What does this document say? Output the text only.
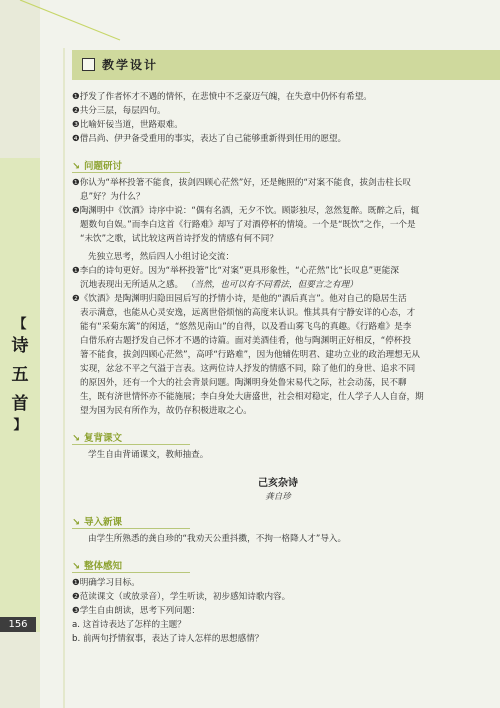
【
诗
五
首
】
156
教学设计
❶抒发了作者怀才不遇的情怀，在悲愤中不乏豪迈气魄，在失意中仍怀有希望。
❷共分三层，每层四句。
❸比喻奸佞当道，世路艰难。
❹借吕尚、伊尹备受重用的事实，表达了自己能够重新得到任用的愿望。
↘ 问题研讨
❶你认为“举杯投箸不能食，拔剑四顾心茫然”好，还是鲍照的“对案不能食，拔剑击柱长叹
息”好？为什么？
❷陶渊明中《饮酒》诗序中说：“偶有名酒，无夕不饮。顾影独尽，忽然复醉。既醉之后，辄
题数句自娱。”而李白这首《行路难》却写了对酒停杯的情境。一个是“既饮”之作，一个是
“未饮”之歌，试比较这两首诗抒发的情感有何不同？
先独立思考，然后四人小组讨论交流：
❶李白的诗句更好。因为“举杯投箸”比“对案”更具形象性，“心茫然”比“长叹息”更能深
沉地表现出无所适从之感。 （当然，也可以有不同看法，但要言之有理）
❷《饮酒》是陶渊明归隐田园后写的抒情小诗，是他的“酒后真言”。他对自己的隐居生活
表示满意，也能从心灵安逸，远离世俗烦恼的高度来认识。惟其具有宁静安详的心态，才
能有“采菊东篱”的闲适，“悠然见南山”的自得，以及看山雾飞鸟的真趣。《行路难》是李
白借乐府古题抒发自己怀才不遇的诗篇。面对美酒佳肴，他与陶渊明正好相反，“停杯投
箸不能食，拔剑四顾心茫然”，高呼“行路难”，因为他辅佐明君、建功立业的政治理想无从
实现，忿忿不平之气溢于言表。这两位诗人抒发的情感不同，除了他们的身世、追求不同
的原因外，还有一个大的社会背景问题。陶渊明身处鲁宋易代之际，社会动荡，民不聊
生，既有济世情怀亦不能施展；李白身处大唐盛世，社会相对稳定，仕人学子人人自奋，期
望为国为民有所作为，故仍存积极进取之心。
↘ 复背课文
学生自由背诵课文，教师抽查。
己亥杂诗
龚自珍
↘ 导入新课
由学生所熟悉的龚自珍的“我劝天公重抖擞，不拘一格降人才”导入。
↘ 整体感知
❶明确学习目标。
❷范读课文（或放录音），学生听读，初步感知诗歌内容。
❸学生自由朗读，思考下列问题：
a. 这首诗表达了怎样的主题？
b. 前两句抒情叙事，表达了诗人怎样的思想感情？
